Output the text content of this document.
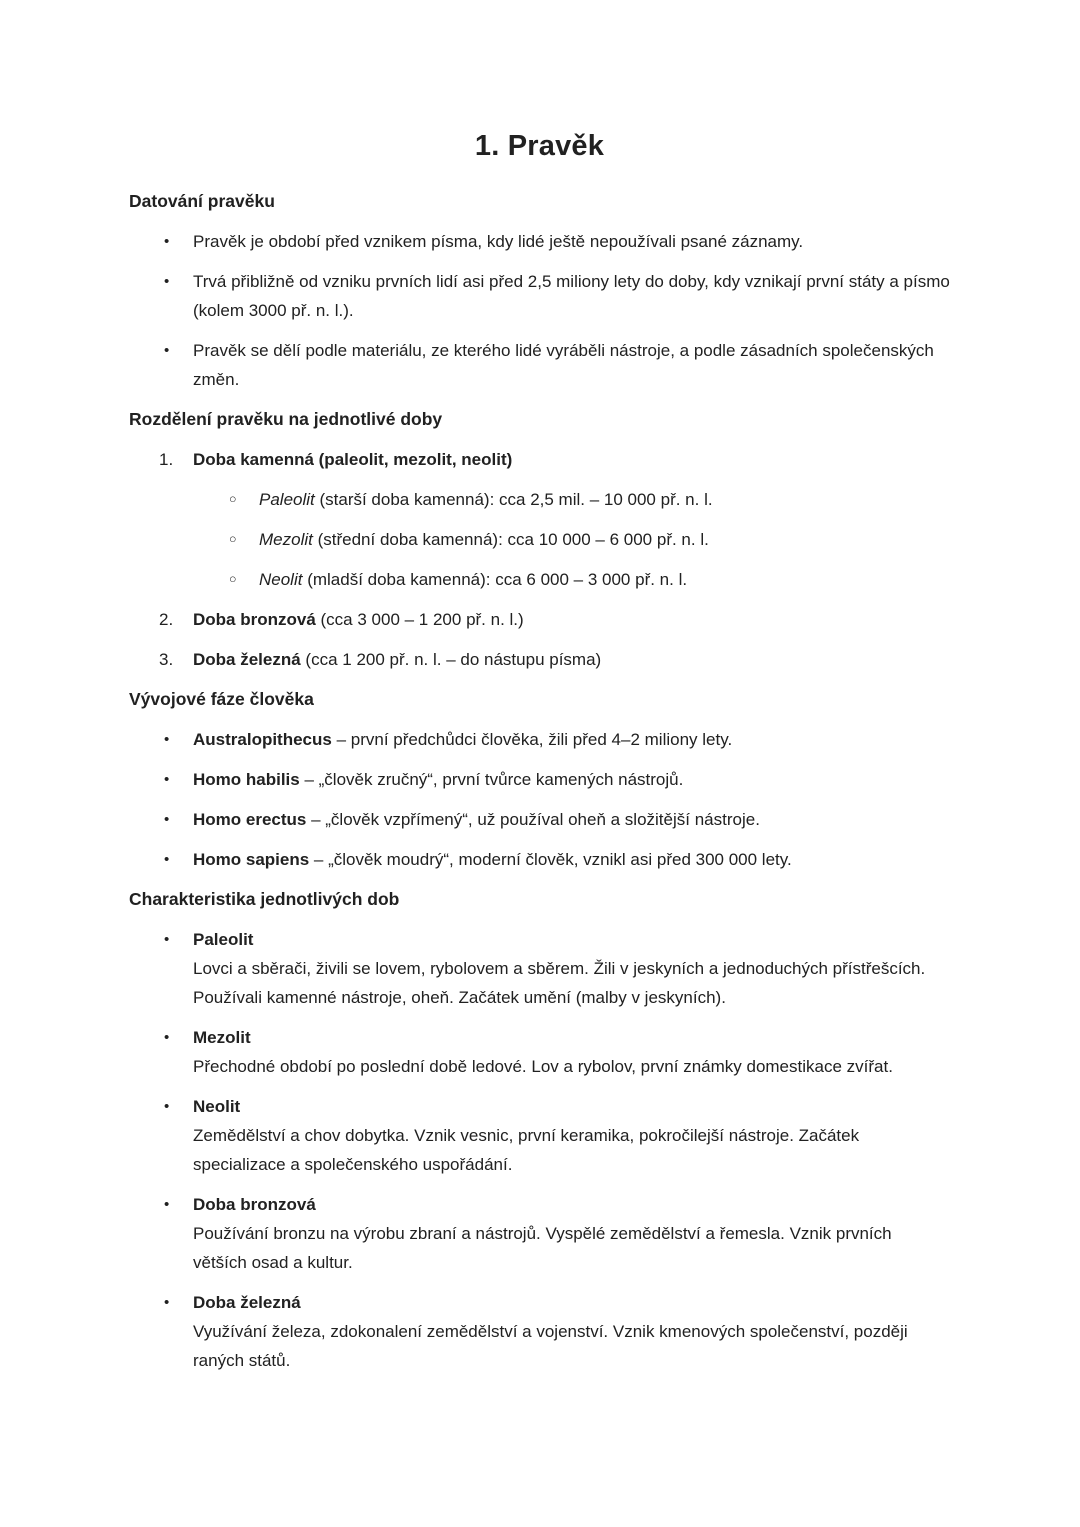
1. Pravěk
Datování pravěku
•	Pravěk je období před vznikem písma, kdy lidé ještě nepoužívali psané záznamy.
•	Trvá přibližně od vzniku prvních lidí asi před 2,5 miliony lety do doby, kdy vznikají první státy a písmo (kolem 3000 př. n. l.).
•	Pravěk se dělí podle materiálu, ze kterého lidé vyráběli nástroje, a podle zásadních společenských změn.
Rozdělení pravěku na jednotlivé doby
1.	Doba kamenná (paleolit, mezolit, neolit)
○	Paleolit (starší doba kamenná): cca 2,5 mil. – 10 000 př. n. l.
○	Mezolit (střední doba kamenná): cca 10 000 – 6 000 př. n. l.
○	Neolit (mladší doba kamenná): cca 6 000 – 3 000 př. n. l.
2.	Doba bronzová (cca 3 000 – 1 200 př. n. l.)
3.	Doba železná (cca 1 200 př. n. l. – do nástupu písma)
Vývojové fáze člověka
•	Australopithecus – první předchůdci člověka, žili před 4–2 miliony lety.
•	Homo habilis – „člověk zručný“, první tvůrce kamených nástrojů.
•	Homo erectus – „člověk vzpřímený“, už používal oheň a složitější nástroje.
•	Homo sapiens – „člověk moudrý“, moderní člověk, vznikl asi před 300 000 lety.
Charakteristika jednotlivých dob
•	Paleolit
Lovci a sběrači, živili se lovem, rybolovem a sběrem. Žili v jeskyních a jednoduchých přístřešcích. Používali kamenné nástroje, oheň. Začátek umění (malby v jeskyních).
•	Mezolit
Přechodné období po poslední době ledové. Lov a rybolov, první známky domestikace zvířat.
•	Neolit
Zemědělství a chov dobytka. Vznik vesnic, první keramika, pokročilejší nástroje. Začátek specializace a společenského uspořádání.
•	Doba bronzová
Používání bronzu na výrobu zbraní a nástrojů. Vyspělé zemědělství a řemesla. Vznik prvních větších osad a kultur.
•	Doba železná
Využívání železa, zdokonalení zemědělství a vojenství. Vznik kmenových společenství, později raných států.
